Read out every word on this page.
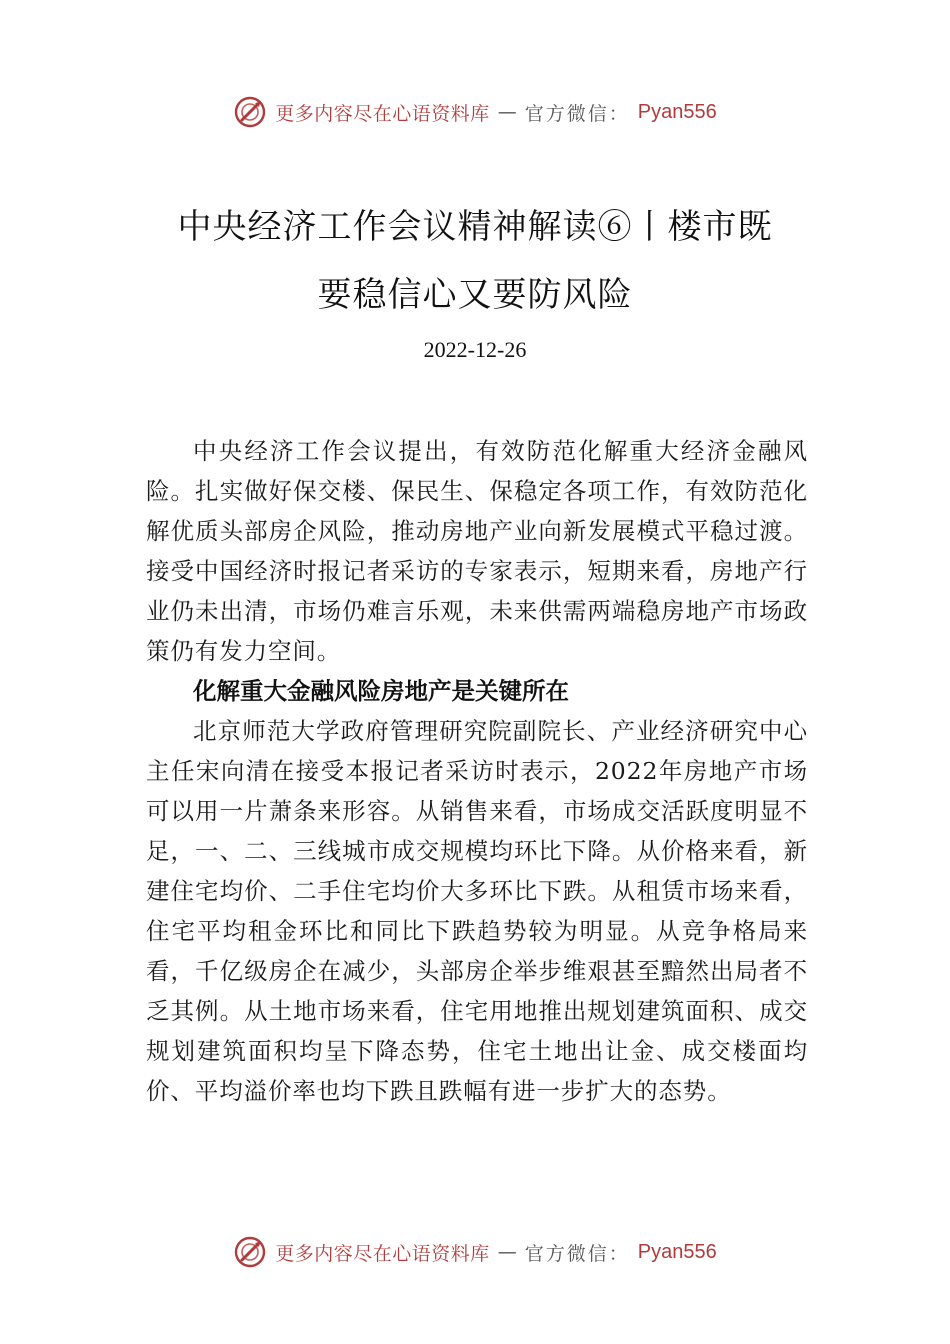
更多内容尽在心语资料库 — 官方微信： Pyan556
中央经济工作会议精神解读⑥丨楼市既
要稳信心又要防风险
2022-12-26

中央经济工作会议提出，有效防范化解重大经济金融风险。扎实做好保交楼、保民生、保稳定各项工作，有效防范化解优质头部房企风险，推动房地产业向新发展模式平稳过渡。接受中国经济时报记者采访的专家表示，短期来看，房地产行业仍未出清，市场仍难言乐观，未来供需两端稳房地产市场政策仍有发力空间。

化解重大金融风险房地产是关键所在

北京师范大学政府管理研究院副院长、产业经济研究中心主任宋向清在接受本报记者采访时表示，2022年房地产市场可以用一片萧条来形容。从销售来看，市场成交活跃度明显不足，一、二、三线城市成交规模均环比下降。从价格来看，新建住宅均价、二手住宅均价大多环比下跌。从租赁市场来看，住宅平均租金环比和同比下跌趋势较为明显。从竞争格局来看，千亿级房企在减少，头部房企举步维艰甚至黯然出局者不乏其例。从土地市场来看，住宅用地推出规划建筑面积、成交规划建筑面积均呈下降态势，住宅土地出让金、成交楼面均价、平均溢价率也均下跌且跌幅有进一步扩大的态势。

更多内容尽在心语资料库 — 官方微信： Pyan556
